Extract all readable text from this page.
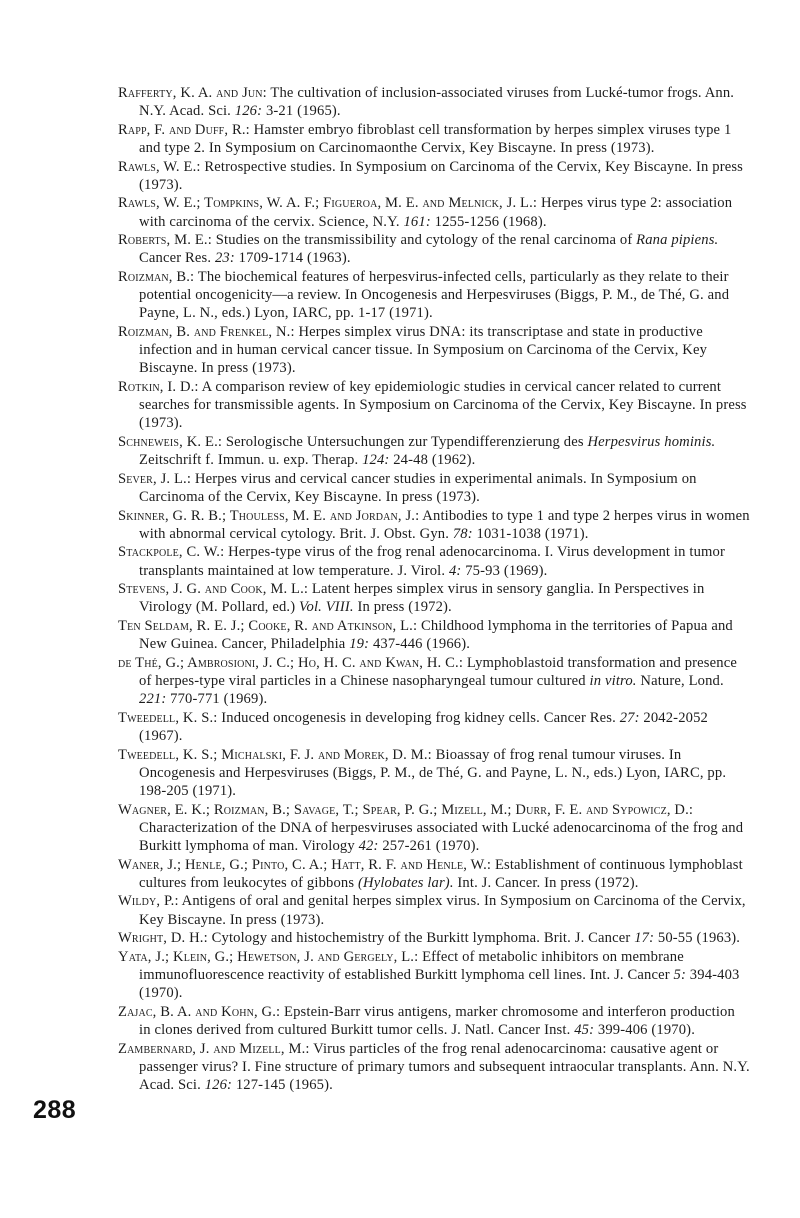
Rafferty, K. A. and Jun: The cultivation of inclusion-associated viruses from Lucké-tumor frogs. Ann. N.Y. Acad. Sci. 126: 3-21 (1965).
Rapp, F. and Duff, R.: Hamster embryo fibroblast cell transformation by herpes simplex viruses type 1 and type 2. In Symposium on Carcinomaonthe Cervix, Key Biscayne. In press (1973).
Rawls, W. E.: Retrospective studies. In Symposium on Carcinoma of the Cervix, Key Biscayne. In press (1973).
Rawls, W. E.; Tompkins, W. A. F.; Figueroa, M. E. and Melnick, J. L.: Herpes virus type 2: association with carcinoma of the cervix. Science, N.Y. 161: 1255-1256 (1968).
Roberts, M. E.: Studies on the transmissibility and cytology of the renal carcinoma of Rana pipiens. Cancer Res. 23: 1709-1714 (1963).
Roizman, B.: The biochemical features of herpesvirus-infected cells, particularly as they relate to their potential oncogenicity—a review. In Oncogenesis and Herpesviruses (Biggs, P. M., de Thé, G. and Payne, L. N., eds.) Lyon, IARC, pp. 1-17 (1971).
Roizman, B. and Frenkel, N.: Herpes simplex virus DNA: its transcriptase and state in productive infection and in human cervical cancer tissue. In Symposium on Carcinoma of the Cervix, Key Biscayne. In press (1973).
Rotkin, I. D.: A comparison review of key epidemiologic studies in cervical cancer related to current searches for transmissible agents. In Symposium on Carcinoma of the Cervix, Key Biscayne. In press (1973).
Schneweis, K. E.: Serologische Untersuchungen zur Typendifferenzierung des Herpesvirus hominis. Zeitschrift f. Immun. u. exp. Therap. 124: 24-48 (1962).
Sever, J. L.: Herpes virus and cervical cancer studies in experimental animals. In Symposium on Carcinoma of the Cervix, Key Biscayne. In press (1973).
Skinner, G. R. B.; Thouless, M. E. and Jordan, J.: Antibodies to type 1 and type 2 herpes virus in women with abnormal cervical cytology. Brit. J. Obst. Gyn. 78: 1031-1038 (1971).
Stackpole, C. W.: Herpes-type virus of the frog renal adenocarcinoma. I. Virus development in tumor transplants maintained at low temperature. J. Virol. 4: 75-93 (1969).
Stevens, J. G. and Cook, M. L.: Latent herpes simplex virus in sensory ganglia. In Perspectives in Virology (M. Pollard, ed.) Vol. VIII. In press (1972).
Ten Seldam, R. E. J.; Cooke, R. and Atkinson, L.: Childhood lymphoma in the territories of Papua and New Guinea. Cancer, Philadelphia 19: 437-446 (1966).
de Thé, G.; Ambrosioni, J. C.; Ho, H. C. and Kwan, H. C.: Lymphoblastoid transformation and presence of herpes-type viral particles in a Chinese nasopharyngeal tumour cultured in vitro. Nature, Lond. 221: 770-771 (1969).
Tweedell, K. S.: Induced oncogenesis in developing frog kidney cells. Cancer Res. 27: 2042-2052 (1967).
Tweedell, K. S.; Michalski, F. J. and Morek, D. M.: Bioassay of frog renal tumour viruses. In Oncogenesis and Herpesviruses (Biggs, P. M., de Thé, G. and Payne, L. N., eds.) Lyon, IARC, pp. 198-205 (1971).
Wagner, E. K.; Roizman, B.; Savage, T.; Spear, P. G.; Mizell, M.; Durr, F. E. and Sypowicz, D.: Characterization of the DNA of herpesviruses associated with Lucké adenocarcinoma of the frog and Burkitt lymphoma of man. Virology 42: 257-261 (1970).
Waner, J.; Henle, G.; Pinto, C. A.; Hatt, R. F. and Henle, W.: Establishment of continuous lymphoblast cultures from leukocytes of gibbons (Hylobates lar). Int. J. Cancer. In press (1972).
Wildy, P.: Antigens of oral and genital herpes simplex virus. In Symposium on Carcinoma of the Cervix, Key Biscayne. In press (1973).
Wright, D. H.: Cytology and histochemistry of the Burkitt lymphoma. Brit. J. Cancer 17: 50-55 (1963).
Yata, J.; Klein, G.; Hewetson, J. and Gergely, L.: Effect of metabolic inhibitors on membrane immunofluorescence reactivity of established Burkitt lymphoma cell lines. Int. J. Cancer 5: 394-403 (1970).
Zajac, B. A. and Kohn, G.: Epstein-Barr virus antigens, marker chromosome and interferon production in clones derived from cultured Burkitt tumor cells. J. Natl. Cancer Inst. 45: 399-406 (1970).
Zambernard, J. and Mizell, M.: Virus particles of the frog renal adenocarcinoma: causative agent or passenger virus? I. Fine structure of primary tumors and subsequent intraocular transplants. Ann. N.Y. Acad. Sci. 126: 127-145 (1965).
288
